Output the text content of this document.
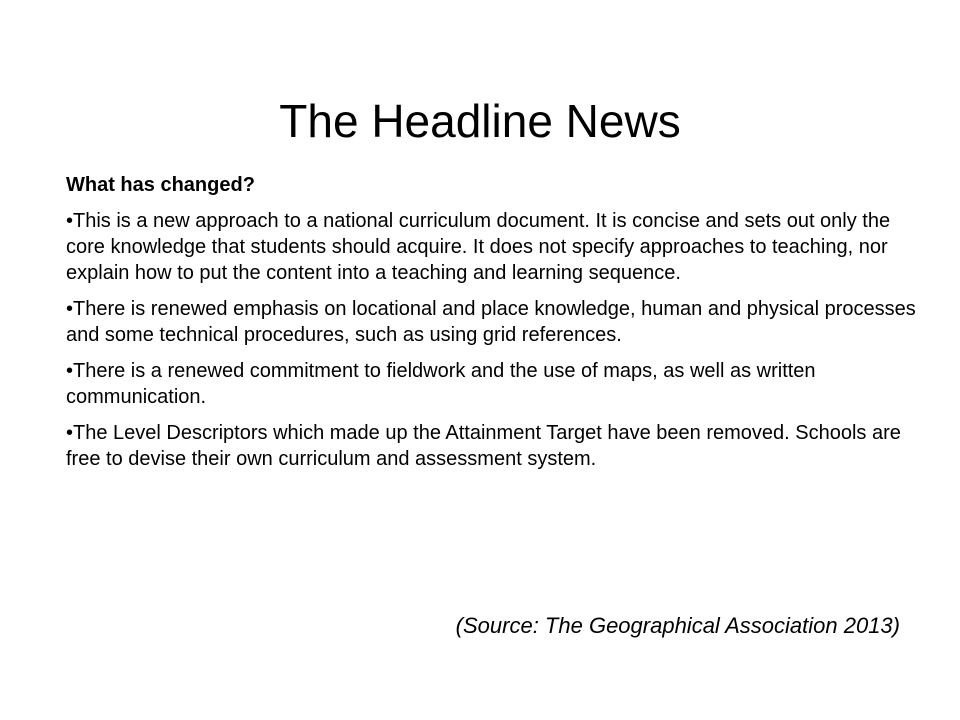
The Headline News

What has changed?

•This is a new approach to a national curriculum document. It is concise and sets out only the core knowledge that students should acquire. It does not specify approaches to teaching, nor explain how to put the content into a teaching and learning sequence.

•There is renewed emphasis on locational and place knowledge, human and physical processes and some technical procedures, such as using grid references.

•There is a renewed commitment to fieldwork and the use of maps, as well as written communication.

•The Level Descriptors which made up the Attainment Target have been removed. Schools are free to devise their own curriculum and assessment system.

(Source: The Geographical Association 2013)
